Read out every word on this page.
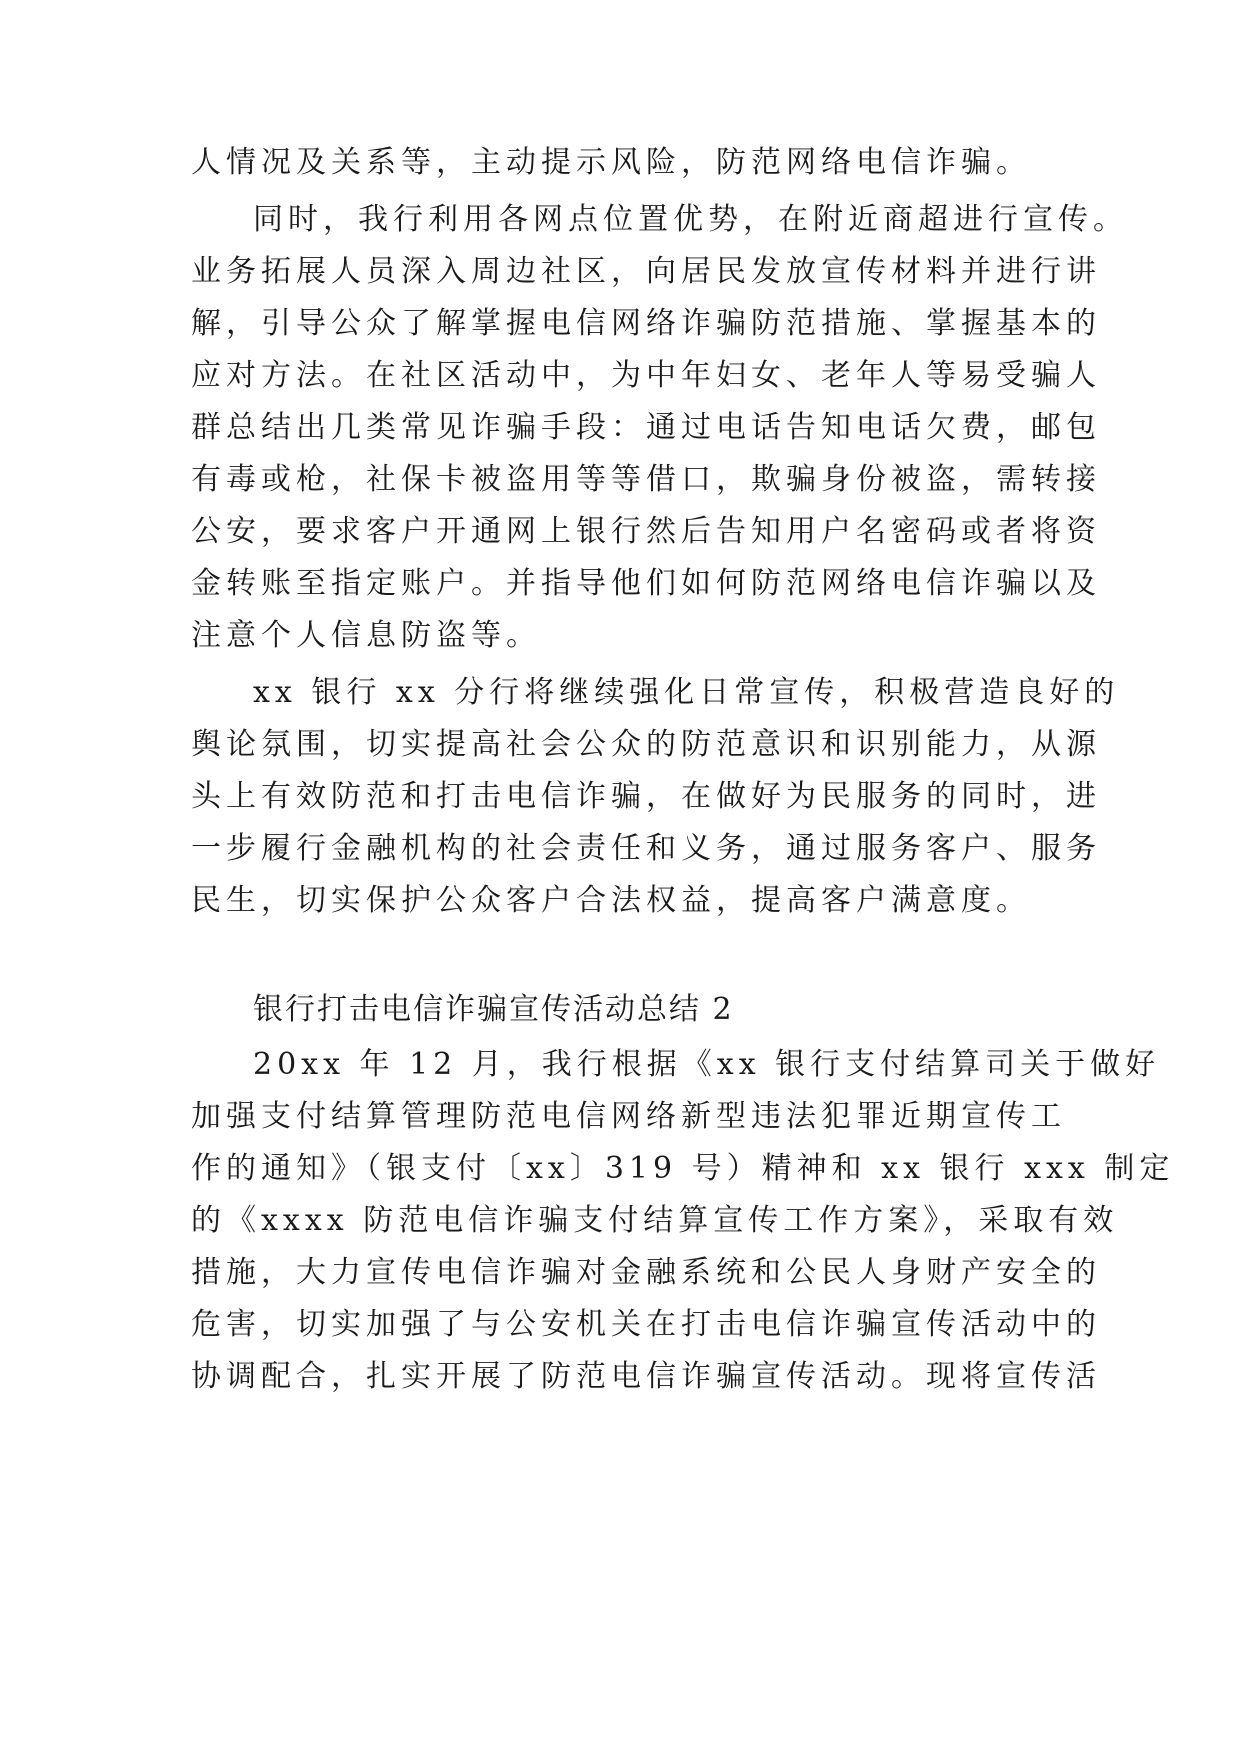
人情况及关系等，主动提示风险，防范网络电信诈骗。
同时，我行利用各网点位置优势，在附近商超进行宣传。
业务拓展人员深入周边社区，向居民发放宣传材料并进行讲
解，引导公众了解掌握电信网络诈骗防范措施、掌握基本的
应对方法。在社区活动中，为中年妇女、老年人等易受骗人
群总结出几类常见诈骗手段：通过电话告知电话欠费，邮包
有毒或枪，社保卡被盗用等等借口，欺骗身份被盗，需转接
公安，要求客户开通网上银行然后告知用户名密码或者将资
金转账至指定账户。并指导他们如何防范网络电信诈骗以及
注意个人信息防盗等。
xx 银行 xx 分行将继续强化日常宣传，积极营造良好的
舆论氛围，切实提高社会公众的防范意识和识别能力，从源
头上有效防范和打击电信诈骗，在做好为民服务的同时，进
一步履行金融机构的社会责任和义务，通过服务客户、服务
民生，切实保护公众客户合法权益，提高客户满意度。
银行打击电信诈骗宣传活动总结 2
20xx 年 12 月，我行根据《xx 银行支付结算司关于做好
加强支付结算管理防范电信网络新型违法犯罪近期宣传工
作的通知》（银支付〔xx〕319 号）精神和 xx 银行 xxx 制定
的《xxxx 防范电信诈骗支付结算宣传工作方案》，采取有效
措施，大力宣传电信诈骗对金融系统和公民人身财产安全的
危害，切实加强了与公安机关在打击电信诈骗宣传活动中的
协调配合，扎实开展了防范电信诈骗宣传活动。现将宣传活
